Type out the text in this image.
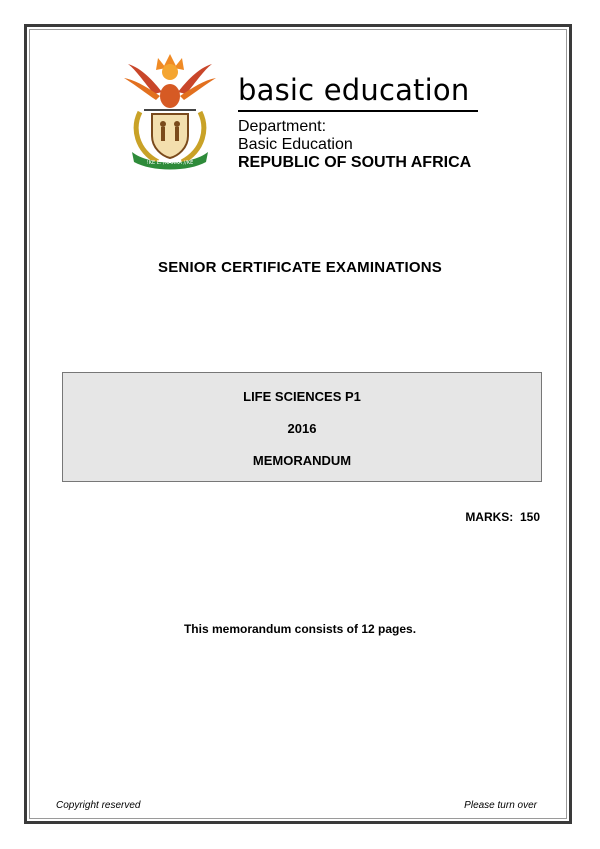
!KE E: /XARRA //KE
basic education
Department:
Basic Education
REPUBLIC OF SOUTH AFRICA
SENIOR CERTIFICATE EXAMINATIONS
LIFE SCIENCES P1
2016
MEMORANDUM
MARKS:  150
This memorandum consists of 12 pages.
Copyright reserved	Please turn over
